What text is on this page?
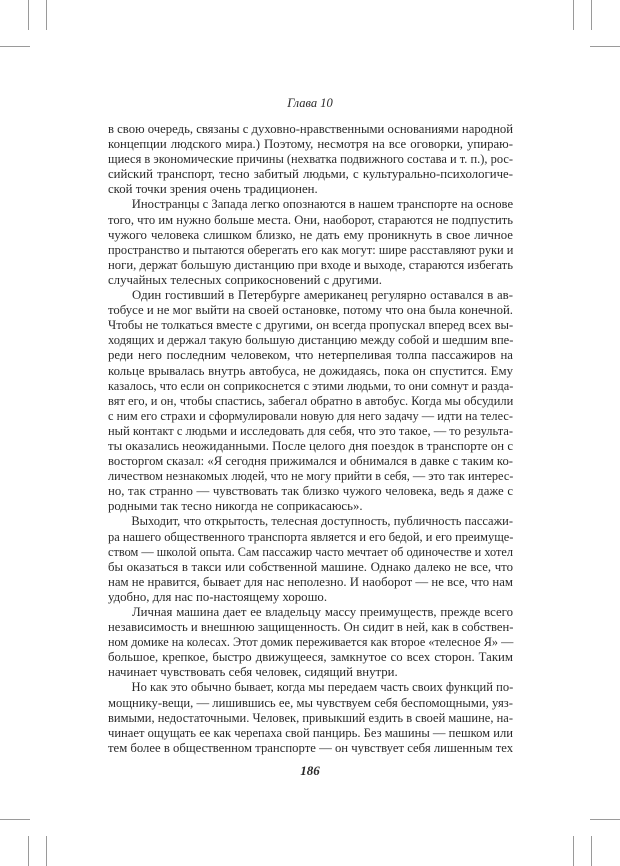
Глава 10
в свою очередь, связаны с духовно-нравственными основаниями народной
концепции людского мира.) Поэтому, несмотря на все оговорки, упираю-
щиеся в экономические причины (нехватка подвижного состава и т. п.), рос-
сийский транспорт, тесно забитый людьми, с культурально-психологиче-
ской точки зрения очень традиционен.
Иностранцы с Запада легко опознаются в нашем транспорте на основе
того, что им нужно больше места. Они, наоборот, стараются не подпустить
чужого человека слишком близко, не дать ему проникнуть в свое личное
пространство и пытаются оберегать его как могут: шире расставляют руки и
ноги, держат большую дистанцию при входе и выходе, стараются избегать
случайных телесных соприкосновений с другими.
Один гостивший в Петербурге американец регулярно оставался в ав-
тобусе и не мог выйти на своей остановке, потому что она была конечной.
Чтобы не толкаться вместе с другими, он всегда пропускал вперед всех вы-
ходящих и держал такую большую дистанцию между собой и шедшим впе-
реди него последним человеком, что нетерпеливая толпа пассажиров на
кольце врывалась внутрь автобуса, не дожидаясь, пока он спустится. Ему
казалось, что если он соприкоснется с этими людьми, то они сомнут и разда-
вят его, и он, чтобы спастись, забегал обратно в автобус. Когда мы обсудили
с ним его страхи и сформулировали новую для него задачу — идти на телес-
ный контакт с людьми и исследовать для себя, что это такое, — то результа-
ты оказались неожиданными. После целого дня поездок в транспорте он с
восторгом сказал: «Я сегодня прижимался и обнимался в давке с таким ко-
личеством незнакомых людей, что не могу прийти в себя, — это так интерес-
но, так странно — чувствовать так близко чужого человека, ведь я даже с
родными так тесно никогда не соприкасаюсь».
Выходит, что открытость, телесная доступность, публичность пассажи-
ра нашего общественного транспорта является и его бедой, и его преимуще-
ством — школой опыта. Сам пассажир часто мечтает об одиночестве и хотел
бы оказаться в такси или собственной машине. Однако далеко не все, что
нам не нравится, бывает для нас неполезно. И наоборот — не все, что нам
удобно, для нас по-настоящему хорошо.
Личная машина дает ее владельцу массу преимуществ, прежде всего
независимость и внешнюю защищенность. Он сидит в ней, как в собствен-
ном домике на колесах. Этот домик переживается как второе «телесное Я» —
большое, крепкое, быстро движущееся, замкнутое со всех сторон. Таким
начинает чувствовать себя человек, сидящий внутри.
Но как это обычно бывает, когда мы передаем часть своих функций по-
мощнику-вещи, — лишившись ее, мы чувствуем себя беспомощными, уяз-
вимыми, недостаточными. Человек, привыкший ездить в своей машине, на-
чинает ощущать ее как черепаха свой панцирь. Без машины — пешком или
тем более в общественном транспорте — он чувствует себя лишенным тех
186
